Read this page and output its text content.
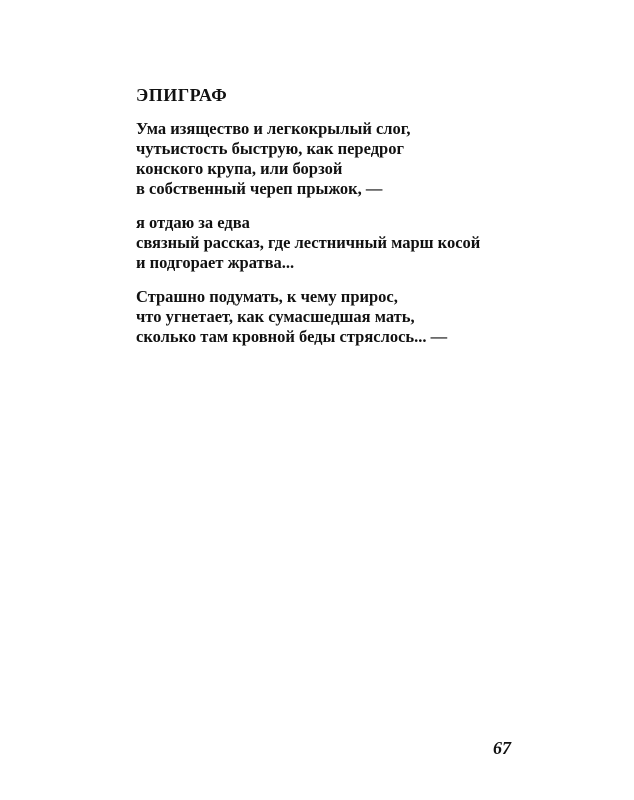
ЭПИГРАФ
Ума изящество и легкокрылый слог,
чутьистость быструю, как передрог
конского крупа, или борзой
в собственный череп прыжок, —
я отдаю за едва
связный рассказ, где лестничный марш косой
и подгорает жратва...
Страшно подумать, к чему прирос,
что угнетает, как сумасшедшая мать,
сколько там кровной беды стряслось... —
67
